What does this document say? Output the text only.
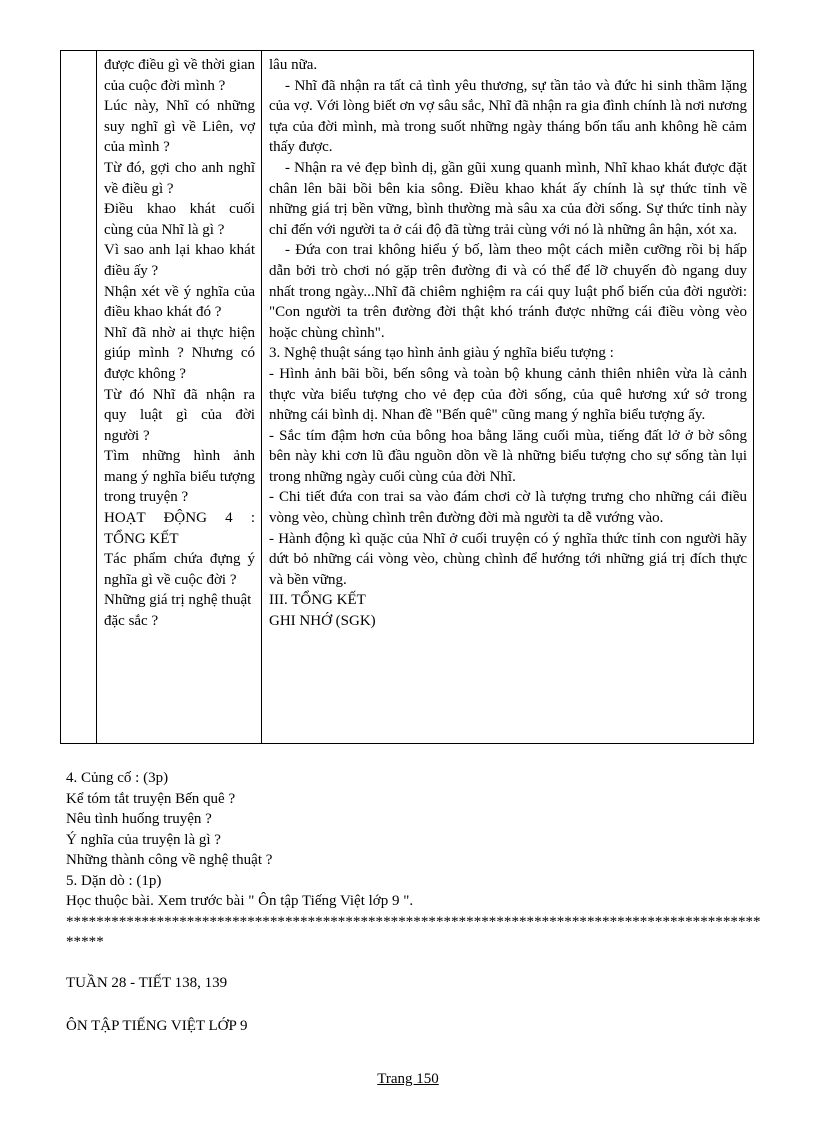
được điều gì về thời gian của cuộc đời mình ?

Lúc này, Nhĩ có những suy nghĩ gì về Liên, vợ của mình ?

Từ đó, gợi cho anh nghĩ về điều gì ?

Điều khao khát cuối cùng của Nhĩ là gì ?

Vì sao anh lại khao khát điều ấy ?

Nhận xét về ý nghĩa của điều khao khát đó ?

Nhĩ đã nhờ ai thực hiện giúp mình ? Nhưng có được không ?

Từ đó Nhĩ đã nhận ra quy luật gì của đời người ?

Tìm những hình ảnh mang ý nghĩa biểu tượng trong truyện ?

HOẠT ĐỘNG 4 : TỔNG KẾT

Tác phẩm chứa đựng ý nghĩa gì về cuộc đời ?

Những giá trị nghệ thuật đặc sắc ?

lâu nữa.

- Nhĩ đã nhận ra tất cả tình yêu thương, sự tần tảo và đức hi sinh thầm lặng của vợ. Với lòng biết ơn vợ sâu sắc, Nhĩ đã nhận ra gia đình chính là nơi nương tựa của đời mình, mà trong suốt những ngày tháng bốn tẩu anh không hề cảm thấy được.

- Nhận ra vẻ đẹp bình dị, gần gũi xung quanh mình, Nhĩ khao khát được đặt chân lên bãi bồi bên kia sông. Điều khao khát ấy chính là sự thức tỉnh về những giá trị bền vững, bình thường mà sâu xa của đời sống. Sự thức tỉnh này chỉ đến với người ta ở cái độ đã từng trải cùng với nó là những ân hận, xót xa.

- Đứa con trai không hiểu ý bố, làm theo một cách miễn cưỡng rồi bị hấp dẫn bởi trò chơi nó gặp trên đường đi và có thể để lỡ chuyến đò ngang duy nhất trong ngày...Nhĩ đã chiêm nghiệm ra cái quy luật phổ biến của đời người: "Con người ta trên đường đời thật khó tránh được những cái điều vòng vèo hoặc chùng chình".

3. Nghệ thuật sáng tạo hình ảnh giàu ý nghĩa biểu tượng :

- Hình ảnh bãi bồi, bến sông và toàn bộ khung cảnh thiên nhiên vừa là cảnh thực vừa biểu tượng cho vẻ đẹp của đời sống, của quê hương xứ sở trong những cái bình dị. Nhan đề "Bến quê" cũng mang ý nghĩa biểu tượng ấy.

- Sắc tím đậm hơn của bông hoa bằng lăng cuối mùa, tiếng đất lở ở bờ sông bên này khi cơn lũ đầu nguồn dồn về là những biểu tượng cho sự sống tàn lụi trong những ngày cuối cùng của đời Nhĩ.

- Chi tiết đứa con trai sa vào đám chơi cờ là tượng trưng cho những cái điều vòng vèo, chùng chình trên đường đời mà người ta dễ vướng vào.

- Hành động kì quặc của Nhĩ ở cuối truyện có ý nghĩa thức tỉnh con người hãy dứt bỏ những cái vòng vèo, chùng chình để hướng tới những giá trị đích thực và bền vững.

III. TỔNG KẾT

GHI NHỚ (SGK)

4. Củng cố : (3p)

Kể tóm tắt truyện Bến quê ?

Nêu tình huống truyện ?

Ý nghĩa của truyện là gì ?

Những thành công về nghệ thuật ?

5. Dặn dò : (1p)

Học thuộc bài. Xem trước bài " Ôn tập Tiếng Việt lớp 9 ".

*************************************************************************************************

TUẦN 28 - TIẾT 138, 139

ÔN TẬP TIẾNG VIỆT LỚP 9

Trang 150
